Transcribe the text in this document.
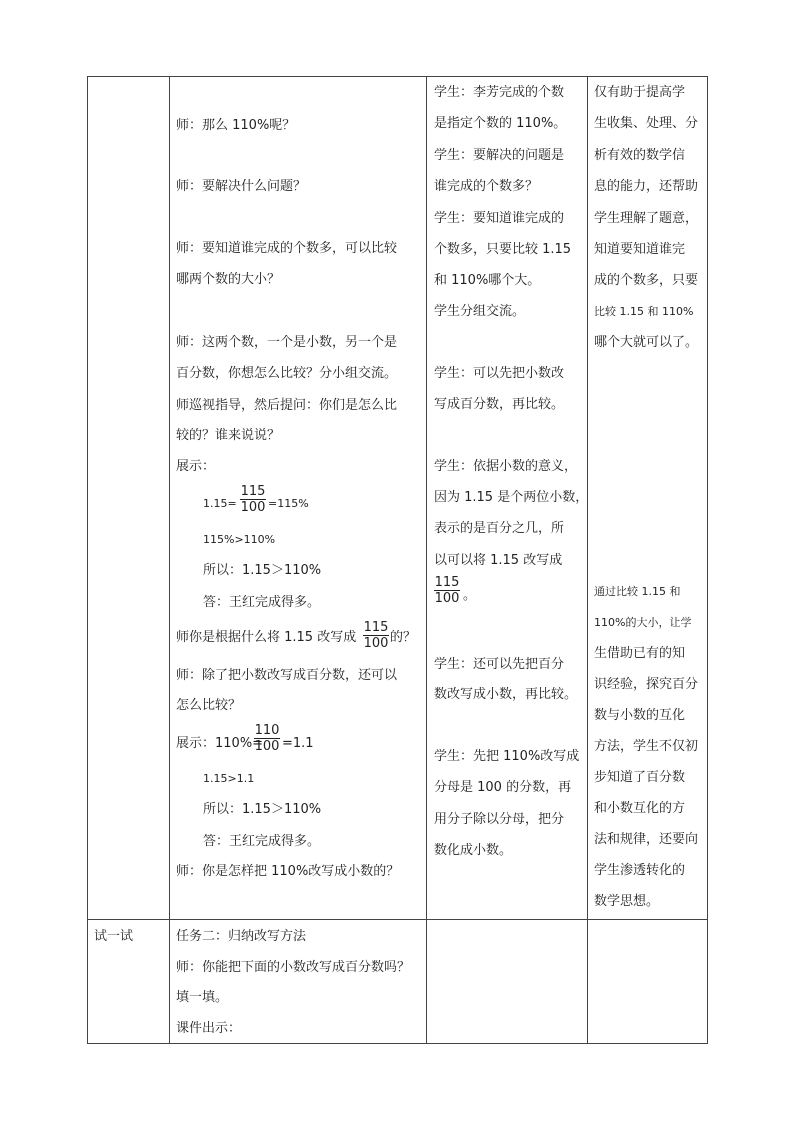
师：那么 110%呢？
师：要解决什么问题？
师：要知道谁完成的个数多，可以比较
哪两个数的大小？
师：这两个数，一个是小数，另一个是
百分数，你想怎么比较？分小组交流。
师巡视指导，然后提问：你们是怎么比
较的？谁来说说？
展示：
1.15=
115
100 =115%
115%>110%
所以：1.15＞110%
答：王红完成得多。
师你是根据什么将 1.15 改写成
115
100 的？
师：除了把小数改写成百分数，还可以
怎么比较？
展示：110%=
110
100 =1.1
1.15>1.1
所以：1.15＞110%
答：王红完成得多。
师：你是怎样把 110%改写成小数的？
学生：李芳完成的个数
是指定个数的 110%。
学生：要解决的问题是
谁完成的个数多？
学生：要知道谁完成的
个数多，只要比较 1.15
和 110%哪个大。
学生分组交流。
学生：可以先把小数改
写成百分数，再比较。
学生：依据小数的意义，
因为 1.15 是个两位小数，
表示的是百分之几，所
以可以将 1.15 改写成
115
100 。
学生：还可以先把百分
数改写成小数，再比较。
学生：先把 110%改写成
分母是 100 的分数，再
用分子除以分母，把分
数化成小数。
仅有助于提高学
生收集、处理、分
析有效的数学信
息的能力，还帮助
学生理解了题意，
知道要知道谁完
成的个数多，只要
比较 1.15 和 110%
哪个大就可以了。
通过比较 1.15 和
110%的大小，让学
生借助已有的知
识经验，探究百分
数与小数的互化
方法，学生不仅初
步知道了百分数
和小数互化的方
法和规律，还要向
学生渗透转化的
数学思想。
试一试	任务二：归纳改写方法
师：你能把下面的小数改写成百分数吗？
填一填。
课件出示：
